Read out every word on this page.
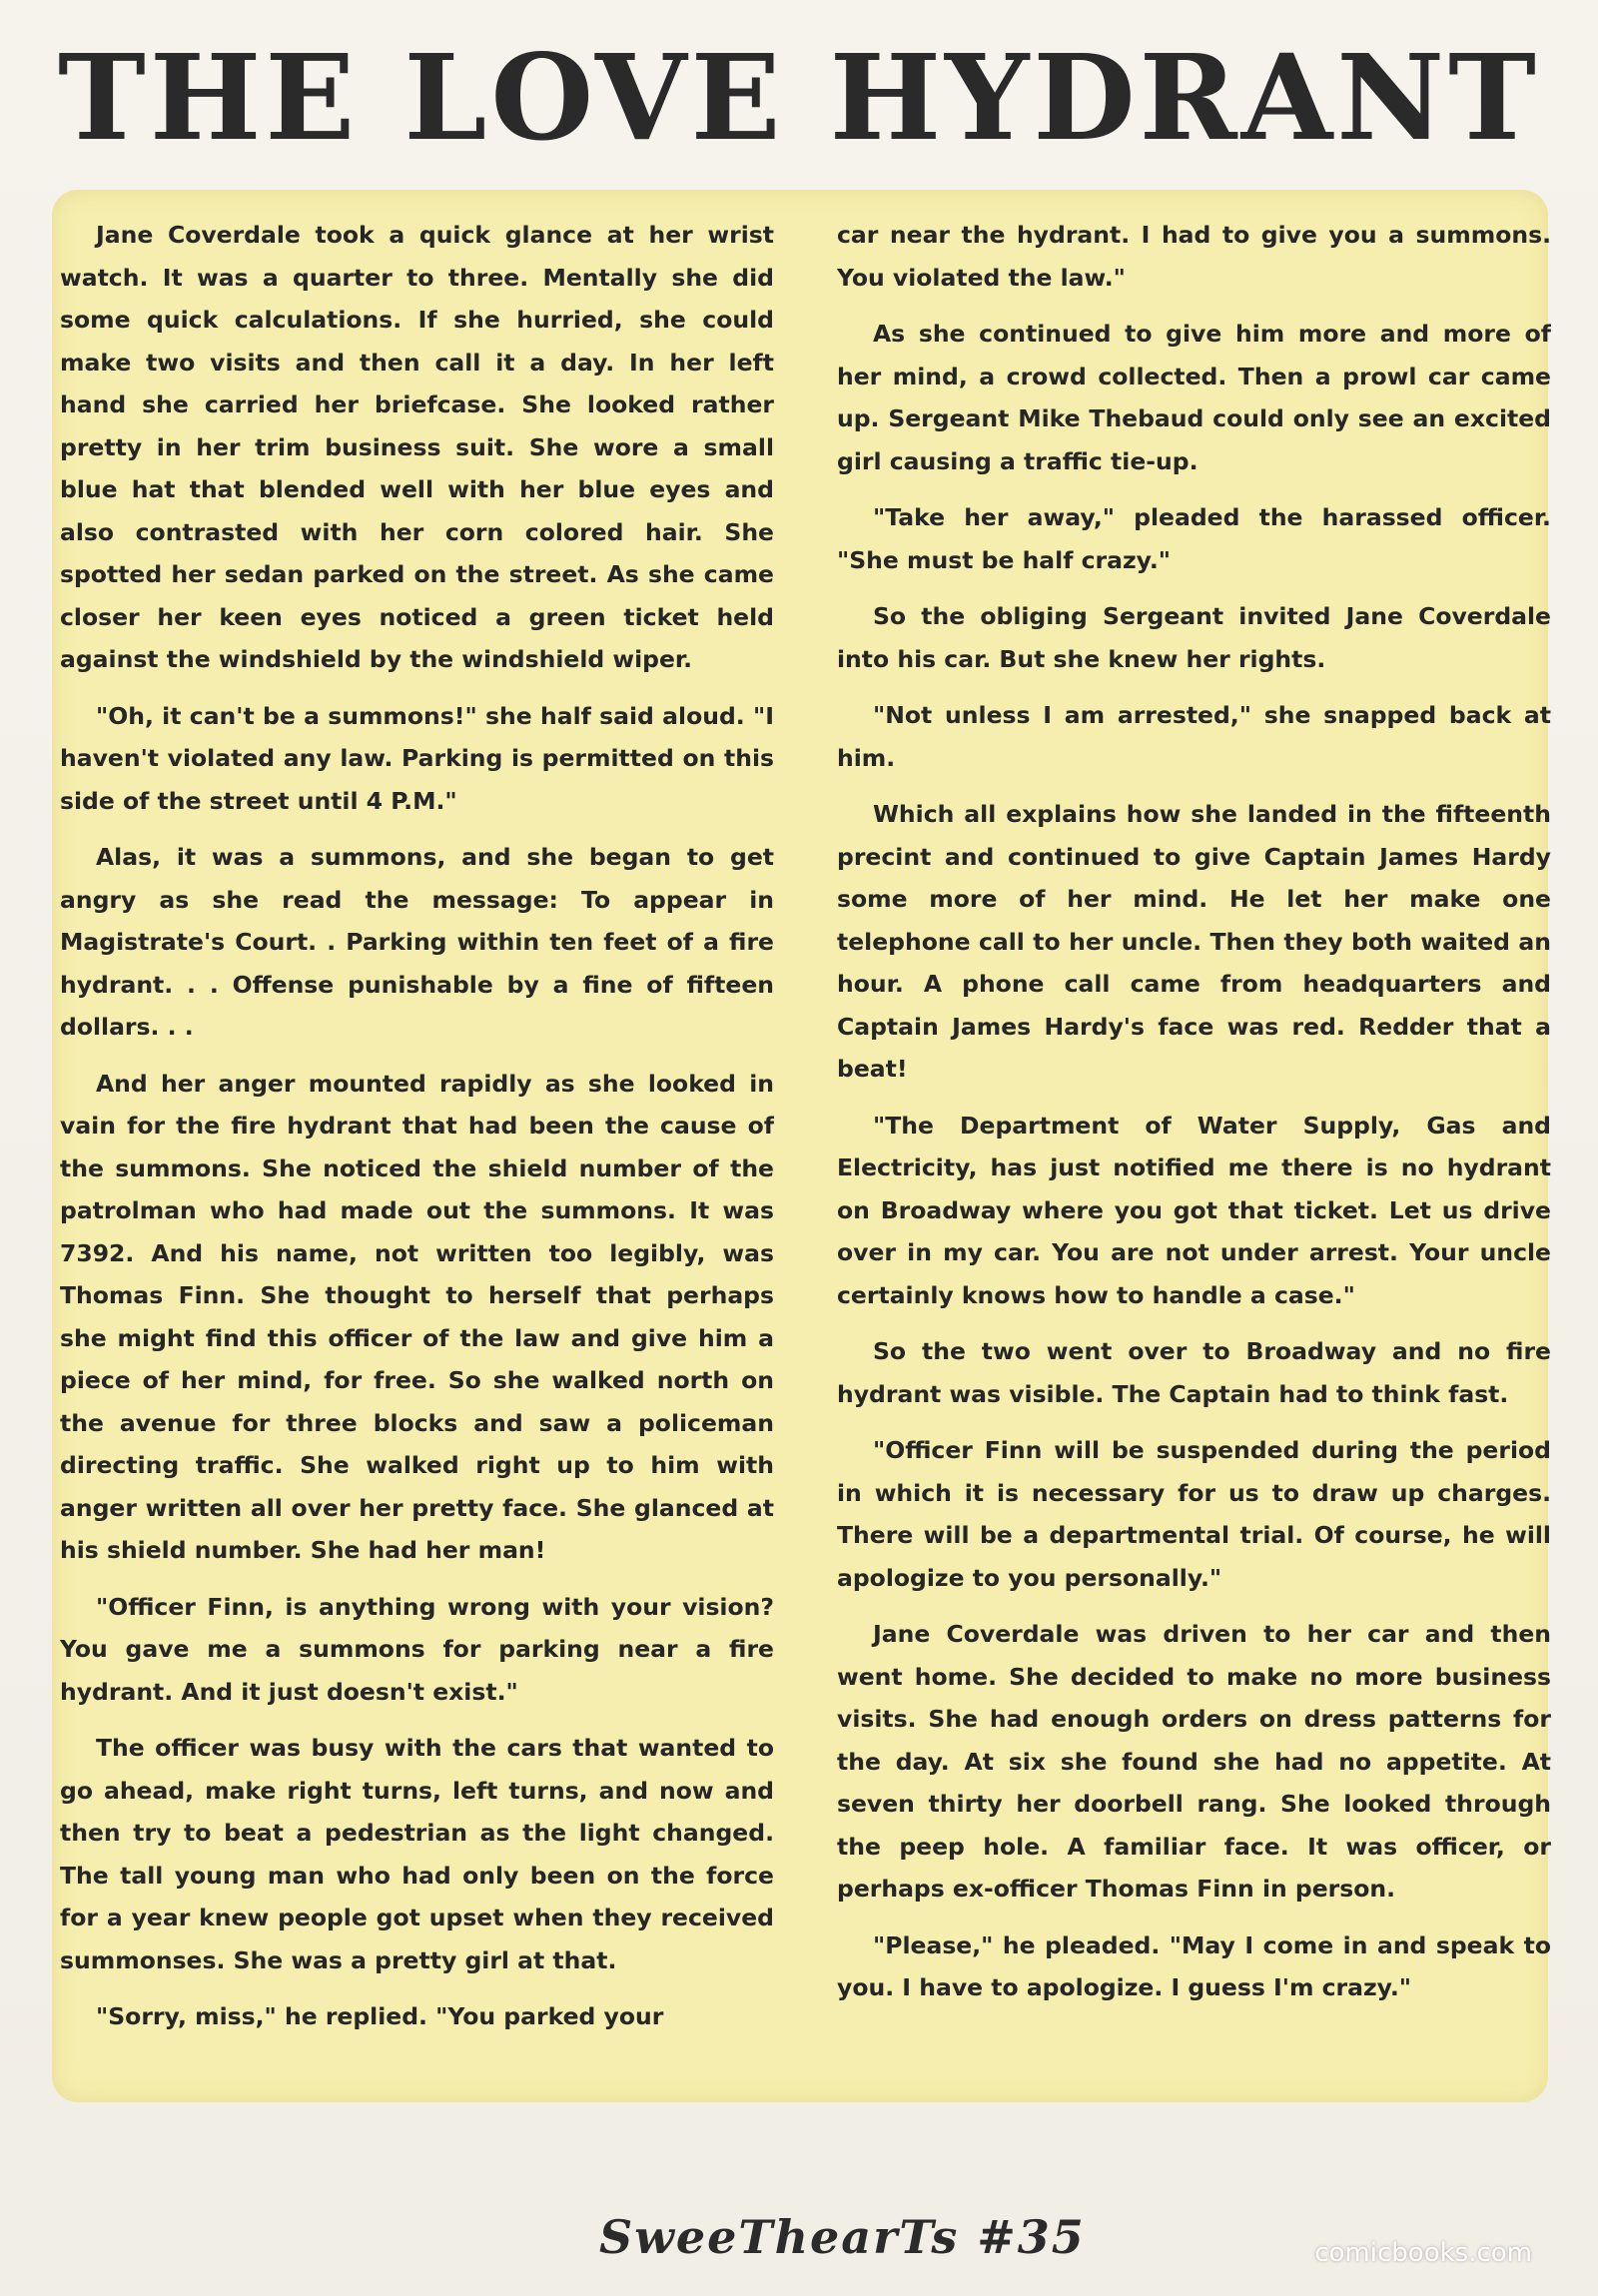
THE LOVE HYDRANT

Jane Coverdale took a quick glance at her wrist watch. It was a quarter to three. Mentally she did some quick calculations. If she hurried, she could make two visits and then call it a day. In her left hand she carried her briefcase. She looked rather pretty in her trim business suit. She wore a small blue hat that blended well with her blue eyes and also contrasted with her corn colored hair. She spotted her sedan parked on the street. As she came closer her keen eyes noticed a green ticket held against the windshield by the windshield wiper.

"Oh, it can't be a summons!" she half said aloud. "I haven't violated any law. Parking is permitted on this side of the street until 4 P.M."

Alas, it was a summons, and she began to get angry as she read the message: To appear in Magistrate's Court. . Parking within ten feet of a fire hydrant. . . Offense punishable by a fine of fifteen dollars. . .

And her anger mounted rapidly as she looked in vain for the fire hydrant that had been the cause of the summons. She noticed the shield number of the patrolman who had made out the summons. It was 7392. And his name, not written too legibly, was Thomas Finn. She thought to herself that perhaps she might find this officer of the law and give him a piece of her mind, for free. So she walked north on the avenue for three blocks and saw a policeman directing traffic. She walked right up to him with anger written all over her pretty face. She glanced at his shield number. She had her man!

"Officer Finn, is anything wrong with your vision? You gave me a summons for parking near a fire hydrant. And it just doesn't exist."

The officer was busy with the cars that wanted to go ahead, make right turns, left turns, and now and then try to beat a pedestrian as the light changed. The tall young man who had only been on the force for a year knew people got upset when they received summonses. She was a pretty girl at that.

"Sorry, miss," he replied. "You parked your

car near the hydrant. I had to give you a summons. You violated the law."

As she continued to give him more and more of her mind, a crowd collected. Then a prowl car came up. Sergeant Mike Thebaud could only see an excited girl causing a traffic tie-up.

"Take her away," pleaded the harassed officer. "She must be half crazy."

So the obliging Sergeant invited Jane Coverdale into his car. But she knew her rights.

"Not unless I am arrested," she snapped back at him.

Which all explains how she landed in the fifteenth precint and continued to give Captain James Hardy some more of her mind. He let her make one telephone call to her uncle. Then they both waited an hour. A phone call came from headquarters and Captain James Hardy's face was red. Redder that a beat!

"The Department of Water Supply, Gas and Electricity, has just notified me there is no hydrant on Broadway where you got that ticket. Let us drive over in my car. You are not under arrest. Your uncle certainly knows how to handle a case."

So the two went over to Broadway and no fire hydrant was visible. The Captain had to think fast.

"Officer Finn will be suspended during the period in which it is necessary for us to draw up charges. There will be a departmental trial. Of course, he will apologize to you personally."

Jane Coverdale was driven to her car and then went home. She decided to make no more business visits. She had enough orders on dress patterns for the day. At six she found she had no appetite. At seven thirty her doorbell rang. She looked through the peep hole. A familiar face. It was officer, or perhaps ex-officer Thomas Finn in person.

"Please," he pleaded. "May I come in and speak to you. I have to apologize. I guess I'm crazy."

SweeThearTs #35	comicbooks.com
